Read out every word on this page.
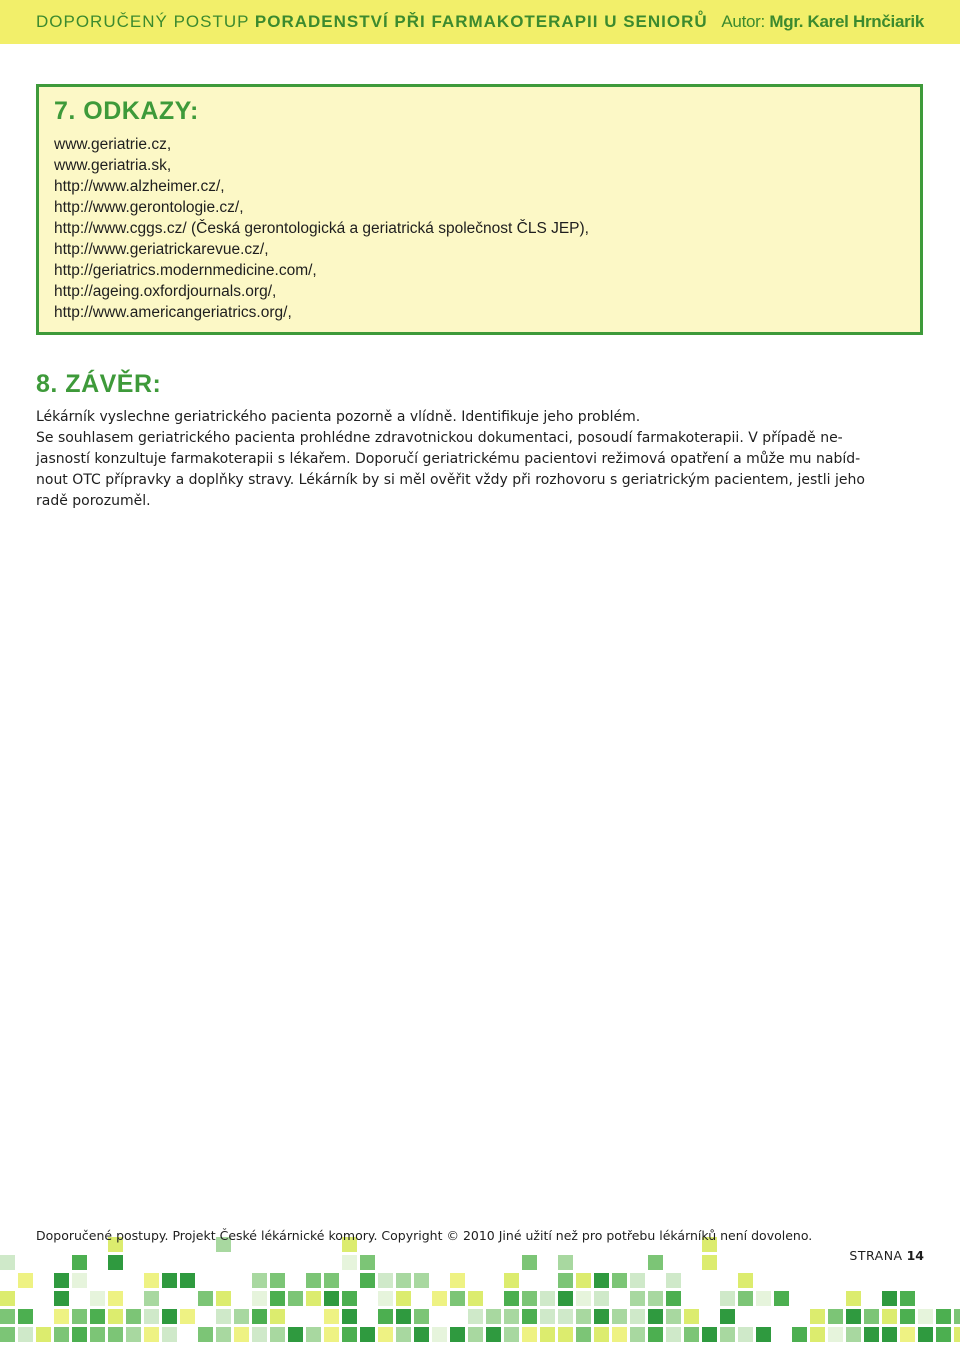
DOPORUČENÝ POSTUP PORADENSTVÍ PŘI FARMAKOTERAPII U SENIORŮ Autor: Mgr. Karel Hrnčiarik
7. ODKAZY:
www.geriatrie.cz,
www.geriatria.sk,
http://www.alzheimer.cz/,
http://www.gerontologie.cz/,
http://www.cggs.cz/ (Česká gerontologická a geriatrická společnost ČLS JEP),
http://www.geriatrickarevue.cz/,
http://geriatrics.modernmedicine.com/,
http://ageing.oxfordjournals.org/,
http://www.americangeriatrics.org/,
8. ZÁVĚR:

Lékárník vyslechne geriatrického pacienta pozorně a vlídně. Identifikuje jeho problém.

Se souhlasem geriatrického pacienta prohlédne zdravotnickou dokumentaci, posoudí farmakoterapii. V případě ne-

jasností konzultuje farmakoterapii s lékařem. Doporučí geriatrickému pacientovi režimová opatření a může mu nabíd-

nout OTC přípravky a doplňky stravy. Lékárník by si měl ověřit vždy při rozhovoru s geriatrickým pacientem, jestli jeho

radě porozuměl.

Doporučené postupy. Projekt České lékárnické komory. Copyright © 2010 Jiné užití než pro potřebu lékárníků není dovoleno.
STRANA 14
